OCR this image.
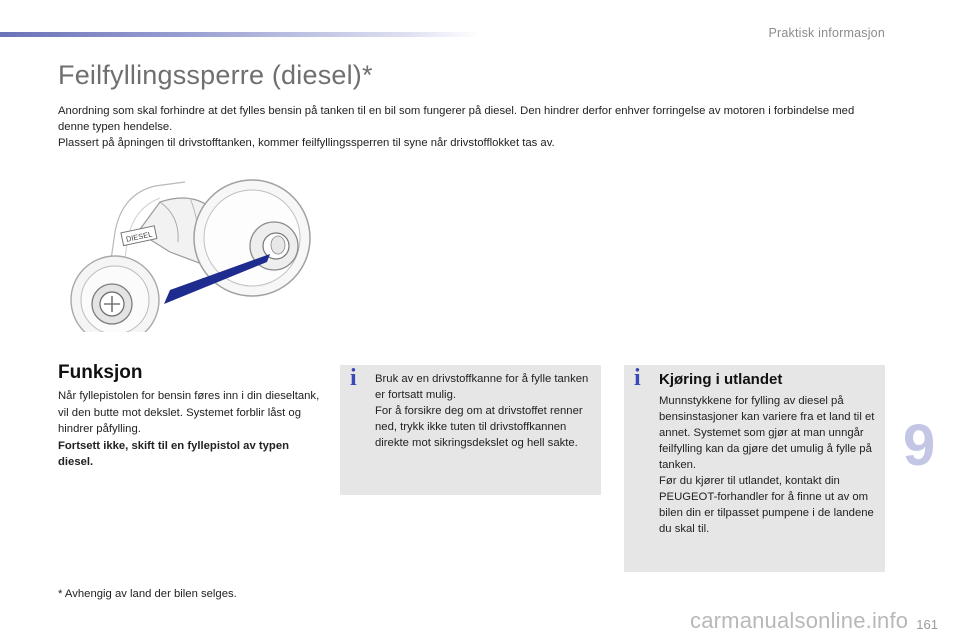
Praktisk informasjon
Feilfyllingssperre (diesel)*

Anordning som skal forhindre at det fylles bensin på tanken til en bil som fungerer på diesel. Den hindrer derfor enhver forringelse av motoren i forbindelse med denne typen hendelse.

Plassert på åpningen til drivstofftanken, kommer feilfyllingssperren til syne når drivstofflokket tas av.

DIESEL
Funksjon
Når fyllepistolen for bensin føres inn i din dieseltank, vil den butte mot dekslet. Systemet forblir låst og hindrer påfylling.
Fortsett ikke, skift til en fyllepistol av typen diesel.
i Bruk av en drivstoffkanne for å fylle tanken er fortsatt mulig.

For å forsikre deg om at drivstoffet renner ned, trykk ikke tuten til drivstoffkannen direkte mot sikringsdekslet og hell sakte.

i Kjøring i utlandet

Munnstykkene for fylling av diesel på bensinstasjoner kan variere fra et land til et annet. Systemet som gjør at man unngår feilfylling kan da gjøre det umulig å fylle på tanken.

Før du kjører til utlandet, kontakt din PEUGEOT-forhandler for å finne ut av om bilen din er tilpasset pumpene i de landene du skal til.

9
* Avhengig av land der bilen selges.
carmanualsonline.info 161
